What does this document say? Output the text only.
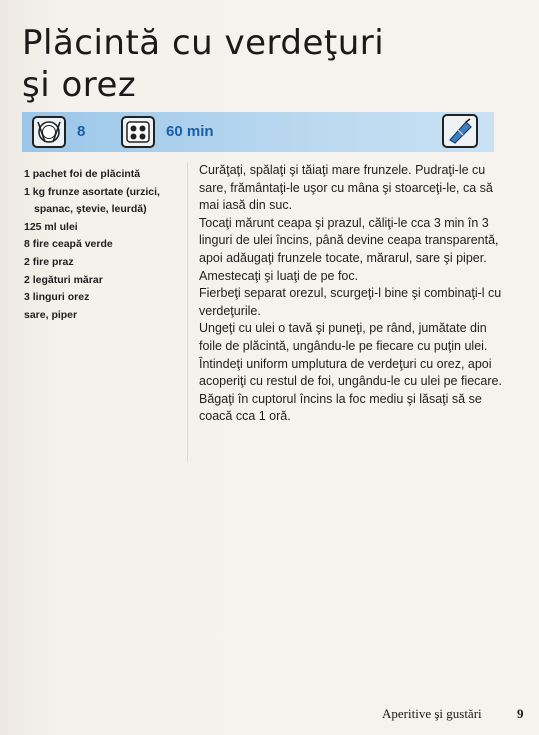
Plăcintă cu verdeţuri
şi orez
8	60 min
1 pachet foi de plăcintă
1 kg frunze asortate (urzici,
spanac, ştevie, leurdă)
125 ml ulei
8 fire ceapă verde
2 fire praz
2 legături mărar
3 linguri orez
sare, piper

Curăţaţi, spălaţi şi tăiaţi mare frunzele. Pudraţi-le cu sare, frământaţi-le uşor cu mâna şi stoarceţi-le, ca să mai iasă din suc.

Tocaţi mărunt ceapa şi prazul, căliţi-le cca 3 min în 3 linguri de ulei încins, până devine ceapa transparentă, apoi adăugaţi frunzele tocate, mărarul, sare şi piper. Amestecaţi şi luaţi de pe foc.

Fierbeţi separat orezul, scurgeţi-l bine şi combinaţi-l cu verdeţurile.

Ungeţi cu ulei o tavă şi puneţi, pe rând, jumătate din foile de plăcintă, ungându-le pe fiecare cu puţin ulei. Întindeţi uniform umplutura de verdeţuri cu orez, apoi acoperiţi cu restul de foi, ungându-le cu ulei pe fiecare.

Băgaţi în cuptorul încins la foc mediu şi lăsaţi să se coacă cca 1 oră.

Aperitive şi gustări	9
